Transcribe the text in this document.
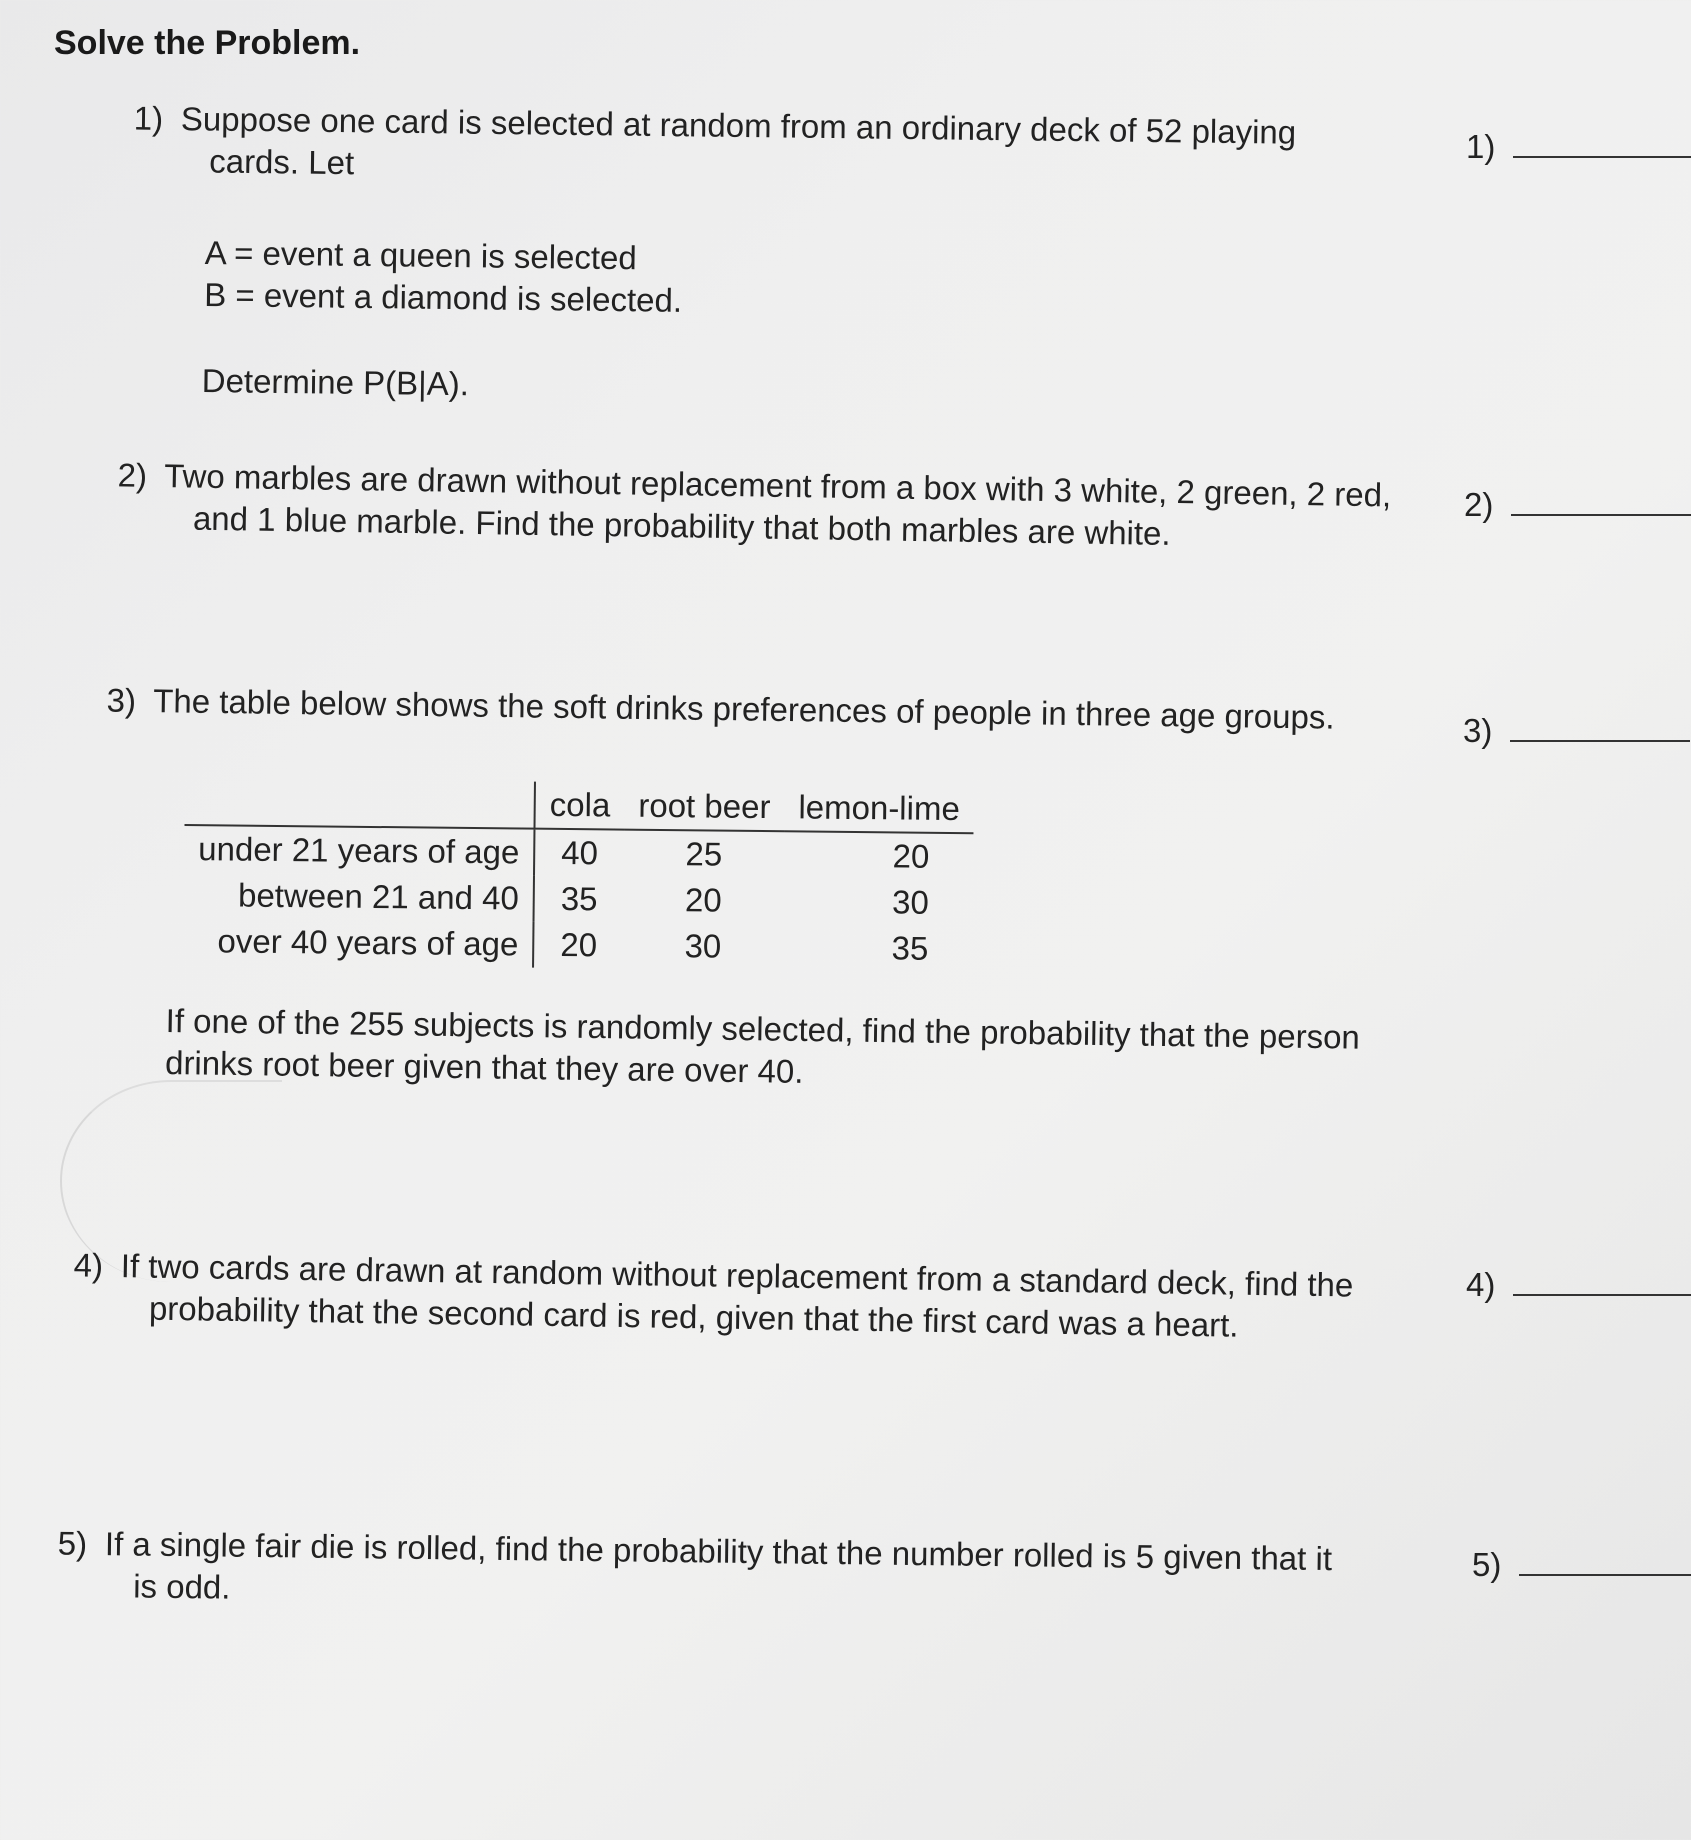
Solve the Problem.
1) Suppose one card is selected at random from an ordinary deck of 52 playing cards. Let
A = event a queen is selected
B = event a diamond is selected.
Determine P(B|A).
1)
2) Two marbles are drawn without replacement from a box with 3 white, 2 green, 2 red, and 1 blue marble. Find the probability that both marbles are white.	2)
3) The table below shows the soft drinks preferences of people in three age groups.	3)
	cola	root beer	lemon-lime
under 21 years of age	40	25	20
between 21 and 40	35	20	30
over 40 years of age	20	30	35
If one of the 255 subjects is randomly selected, find the probability that the person drinks root beer given that they are over 40.
4) If two cards are drawn at random without replacement from a standard deck, find the probability that the second card is red, given that the first card was a heart.
4)
5) If a single fair die is rolled, find the probability that the number rolled is 5 given that it is odd.
5)
